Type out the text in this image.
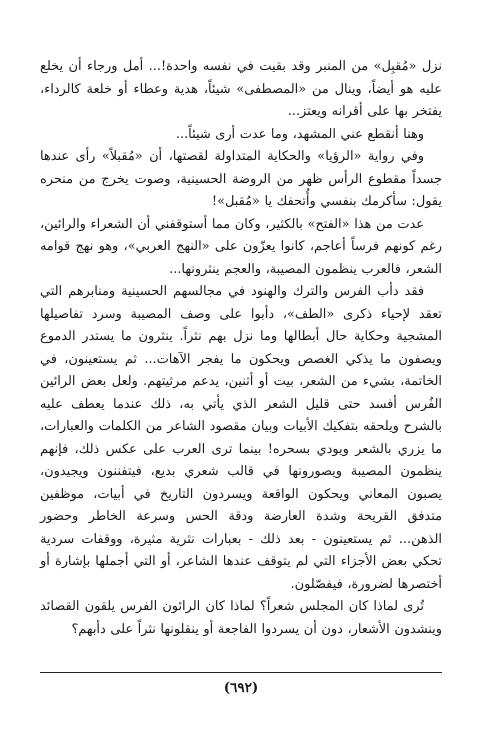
نزل «مُقبِل» من المنبر وقد بقيت في نفسه واحدة!... أمل ورجاء أن يخلع عليه هو أيضاً، وينال من «المصطفى» شيئاً، هدية وعطاء أو خلعة كالرداء، يفتخر بها على أقرانه ويعتز...

وهنا أنقطع عني المشهد، وما عدت أرى شيئاً...

وفي رواية «الرؤيا» والحكاية المتداولة لقصتها، أن «مُقبلاً» رأى عندها جسداً مقطوع الرأس ظهر من الروضة الحسينية، وصوت يخرج من منحره يقول: سأكرمك بنفسي وأُتحفك يا «مُقبل»!

عدت من هذا «الفتح» بالكثير، وكان مما أستوقفني أن الشعراء والرائين، رغم كونهم فرساً أعاجم، كانوا يعزّون على «النهج العربي»، وهو نهج قوامه الشعر، فالعرب ينظمون المصيبة، والعجم ينثرونها...

فقد دأب الفرس والترك والهنود في مجالسهم الحسينية ومنابرهم التي تعقد لإحياء ذكرى «الطف»، دأبوا على وصف المصيبة وسرد تفاصيلها المشجية وحكاية حال أبطالها وما نزل بهم نثراً. ينثرون ما يستدر الدموع ويصفون ما يذكي الغصص ويحكون ما يفجر الآهات... ثم يستعينون، في الخاتمة، بشيء من الشعر، بيت أو أثنين، يدعم مرثيتهم. ولعل بعض الرائين الفُرس أفسد حتى قليل الشعر الذي يأتي به، ذلك عندما يعطف عليه بالشرح ويلحقه بتفكيك الأبيات وبيان مقصود الشاعر من الكلمات والعبارات، ما يزري بالشعر ويودي بسحره! بينما ترى العرب على عكس ذلك، فإنهم ينظمون المصيبة ويصورونها في قالب شعري بديع، فيتفننون ويجيدون، يصبون المعاني ويحكون الواقعة ويسردون التاريخ في أبيات، موظفين متدفق القريحة وشدة العارضة ودقة الحس وسرعة الخاطر وحضور الذهن... ثم يستعينون - بعد ذلك - بعبارات نثرية مثيرة، ووقفات سردية تحكي بعض الأجزاء التي لم يتوقف عندها الشاعر، أو التي أجملها بإشارة أو أختصرها لضرورة، فيفصّلون.

تُرى لماذا كان المجلس شعراً؟ لماذا كان الرائون الفرس يلقون القصائد وينشدون الأشعار، دون أن يسردوا الفاجعة أو ينقلونها نثراً على دأبهم؟

(٦٩٢)
